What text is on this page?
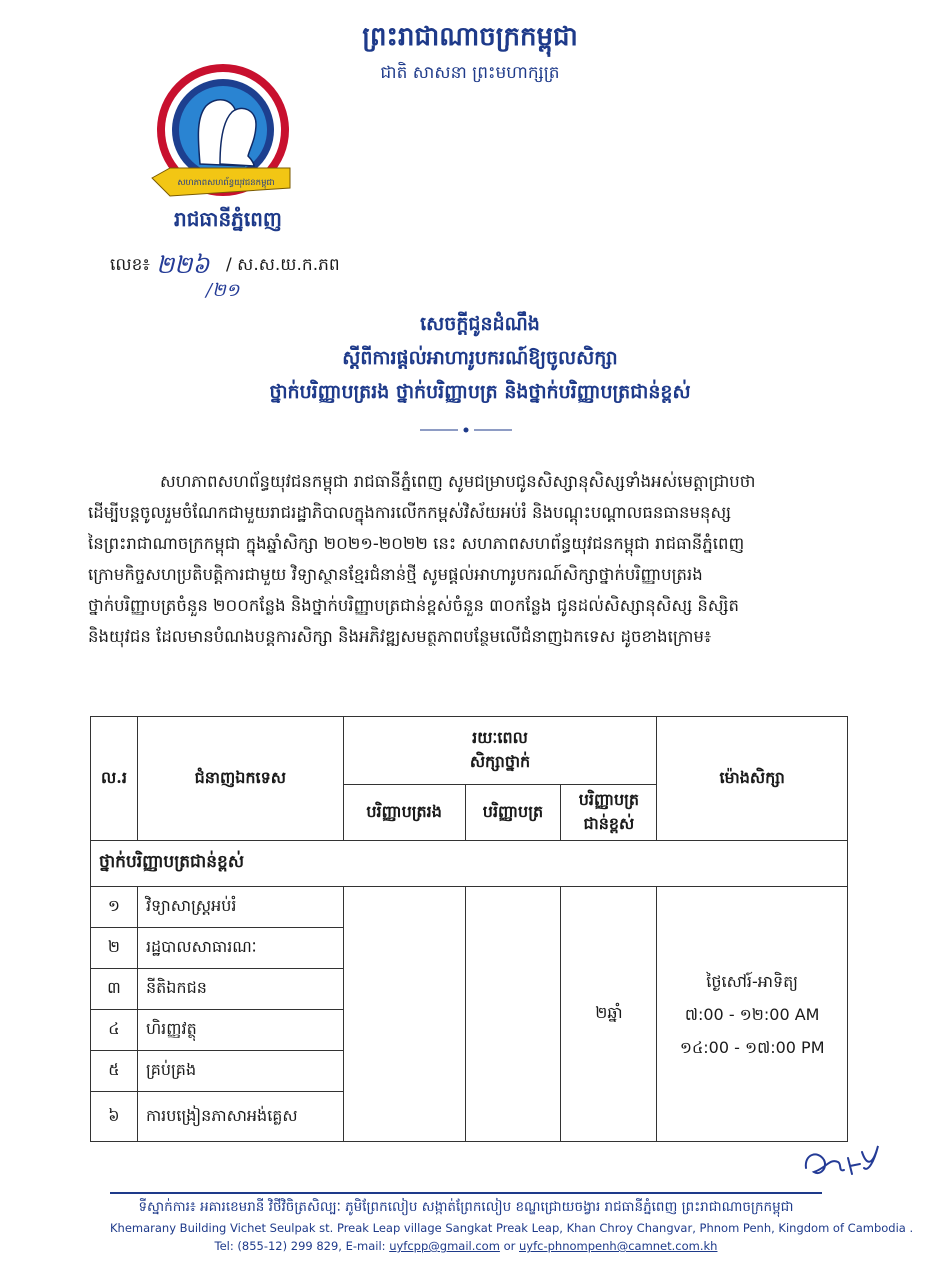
ព្រះរាជាណាចក្រកម្ពុជា
ជាតិ សាសនា ព្រះមហាក្សត្រ
សហភាពសហព័ន្ធយុវជនកម្ពុជា
រាជធានីភ្នំពេញ
លេខ៖ ២២៦ / ស.ស.យ.ក.ភព
/២១
សេចក្តីជូនដំណឹង
ស្តីពីការផ្តល់អាហារូបករណ៍ឱ្យចូលសិក្សា
ថ្នាក់បរិញ្ញាបត្ររង ថ្នាក់បរិញ្ញាបត្រ និងថ្នាក់បរិញ្ញាបត្រជាន់ខ្ពស់
សហភាពសហព័ន្ធយុវជនកម្ពុជា រាជធានីភ្នំពេញ សូមជម្រាបជូនសិស្សានុសិស្សទាំងអស់មេត្តាជ្រាបថា
ដើម្បីបន្តចូលរួមចំណែកជាមួយរាជរដ្ឋាភិបាលក្នុងការលើកកម្ពស់វិស័យអប់រំ និងបណ្តុះបណ្តាលធនធានមនុស្ស
នៃព្រះរាជាណាចក្រកម្ពុជា ក្នុងឆ្នាំសិក្សា ២០២១-២០២២ នេះ សហភាពសហព័ន្ធយុវជនកម្ពុជា រាជធានីភ្នំពេញ
ក្រោមកិច្ចសហប្រតិបត្តិការជាមួយ វិទ្យាស្ថានខ្មែរជំនាន់ថ្មី សូមផ្តល់អាហារូបករណ៍សិក្សាថ្នាក់បរិញ្ញាបត្ររង
ថ្នាក់បរិញ្ញាបត្រចំនួន ២០០កន្លែង និងថ្នាក់បរិញ្ញាបត្រជាន់ខ្ពស់ចំនួន ៣០កន្លែង ជូនដល់សិស្សានុសិស្ស និស្សិត
និងយុវជន ដែលមានបំណងបន្តការសិក្សា និងអភិវឌ្ឍសមត្ថភាពបន្ថែមលើជំនាញឯកទេស ដូចខាងក្រោម៖
ល.រ	ជំនាញឯកទេស	រយៈពេល
សិក្សាថ្នាក់			ម៉ោងសិក្សា
		បរិញ្ញាបត្ររង	បរិញ្ញាបត្រ	បរិញ្ញាបត្រជាន់ខ្ពស់	
ថ្នាក់បរិញ្ញាបត្រជាន់ខ្ពស់					
១	វិទ្យាសាស្ត្រអប់រំ			២ឆ្នាំ	ថ្ងៃសៅរ៍-អាទិត្យ
៧:00 - ១២:00 AM
១៤:00 - ១៧:00 PM

២	រដ្ឋបាលសាធារណៈ				
៣	នីតិឯកជន				
៤	ហិរញ្ញវត្ថុ				
៥	គ្រប់គ្រង				
៦	ការបង្រៀនភាសាអង់គ្លេស				
ទីស្នាក់ការ៖ អគារខេមរានី វិថីវិចិត្រសិល្បៈ ភូមិព្រែកលៀប សង្កាត់ព្រែកលៀប ខណ្ឌជ្រោយចង្វារ រាជធានីភ្នំពេញ ព្រះរាជាណាចក្រកម្ពុជា
Khemarany Building Vichet Seulpak st. Preak Leap village Sangkat Preak Leap, Khan Chroy Changvar, Phnom Penh, Kingdom of Cambodia .
Tel: (855-12) 299 829, E-mail: uyfcpp@gmail.com or uyfc-phnompenh@camnet.com.kh
